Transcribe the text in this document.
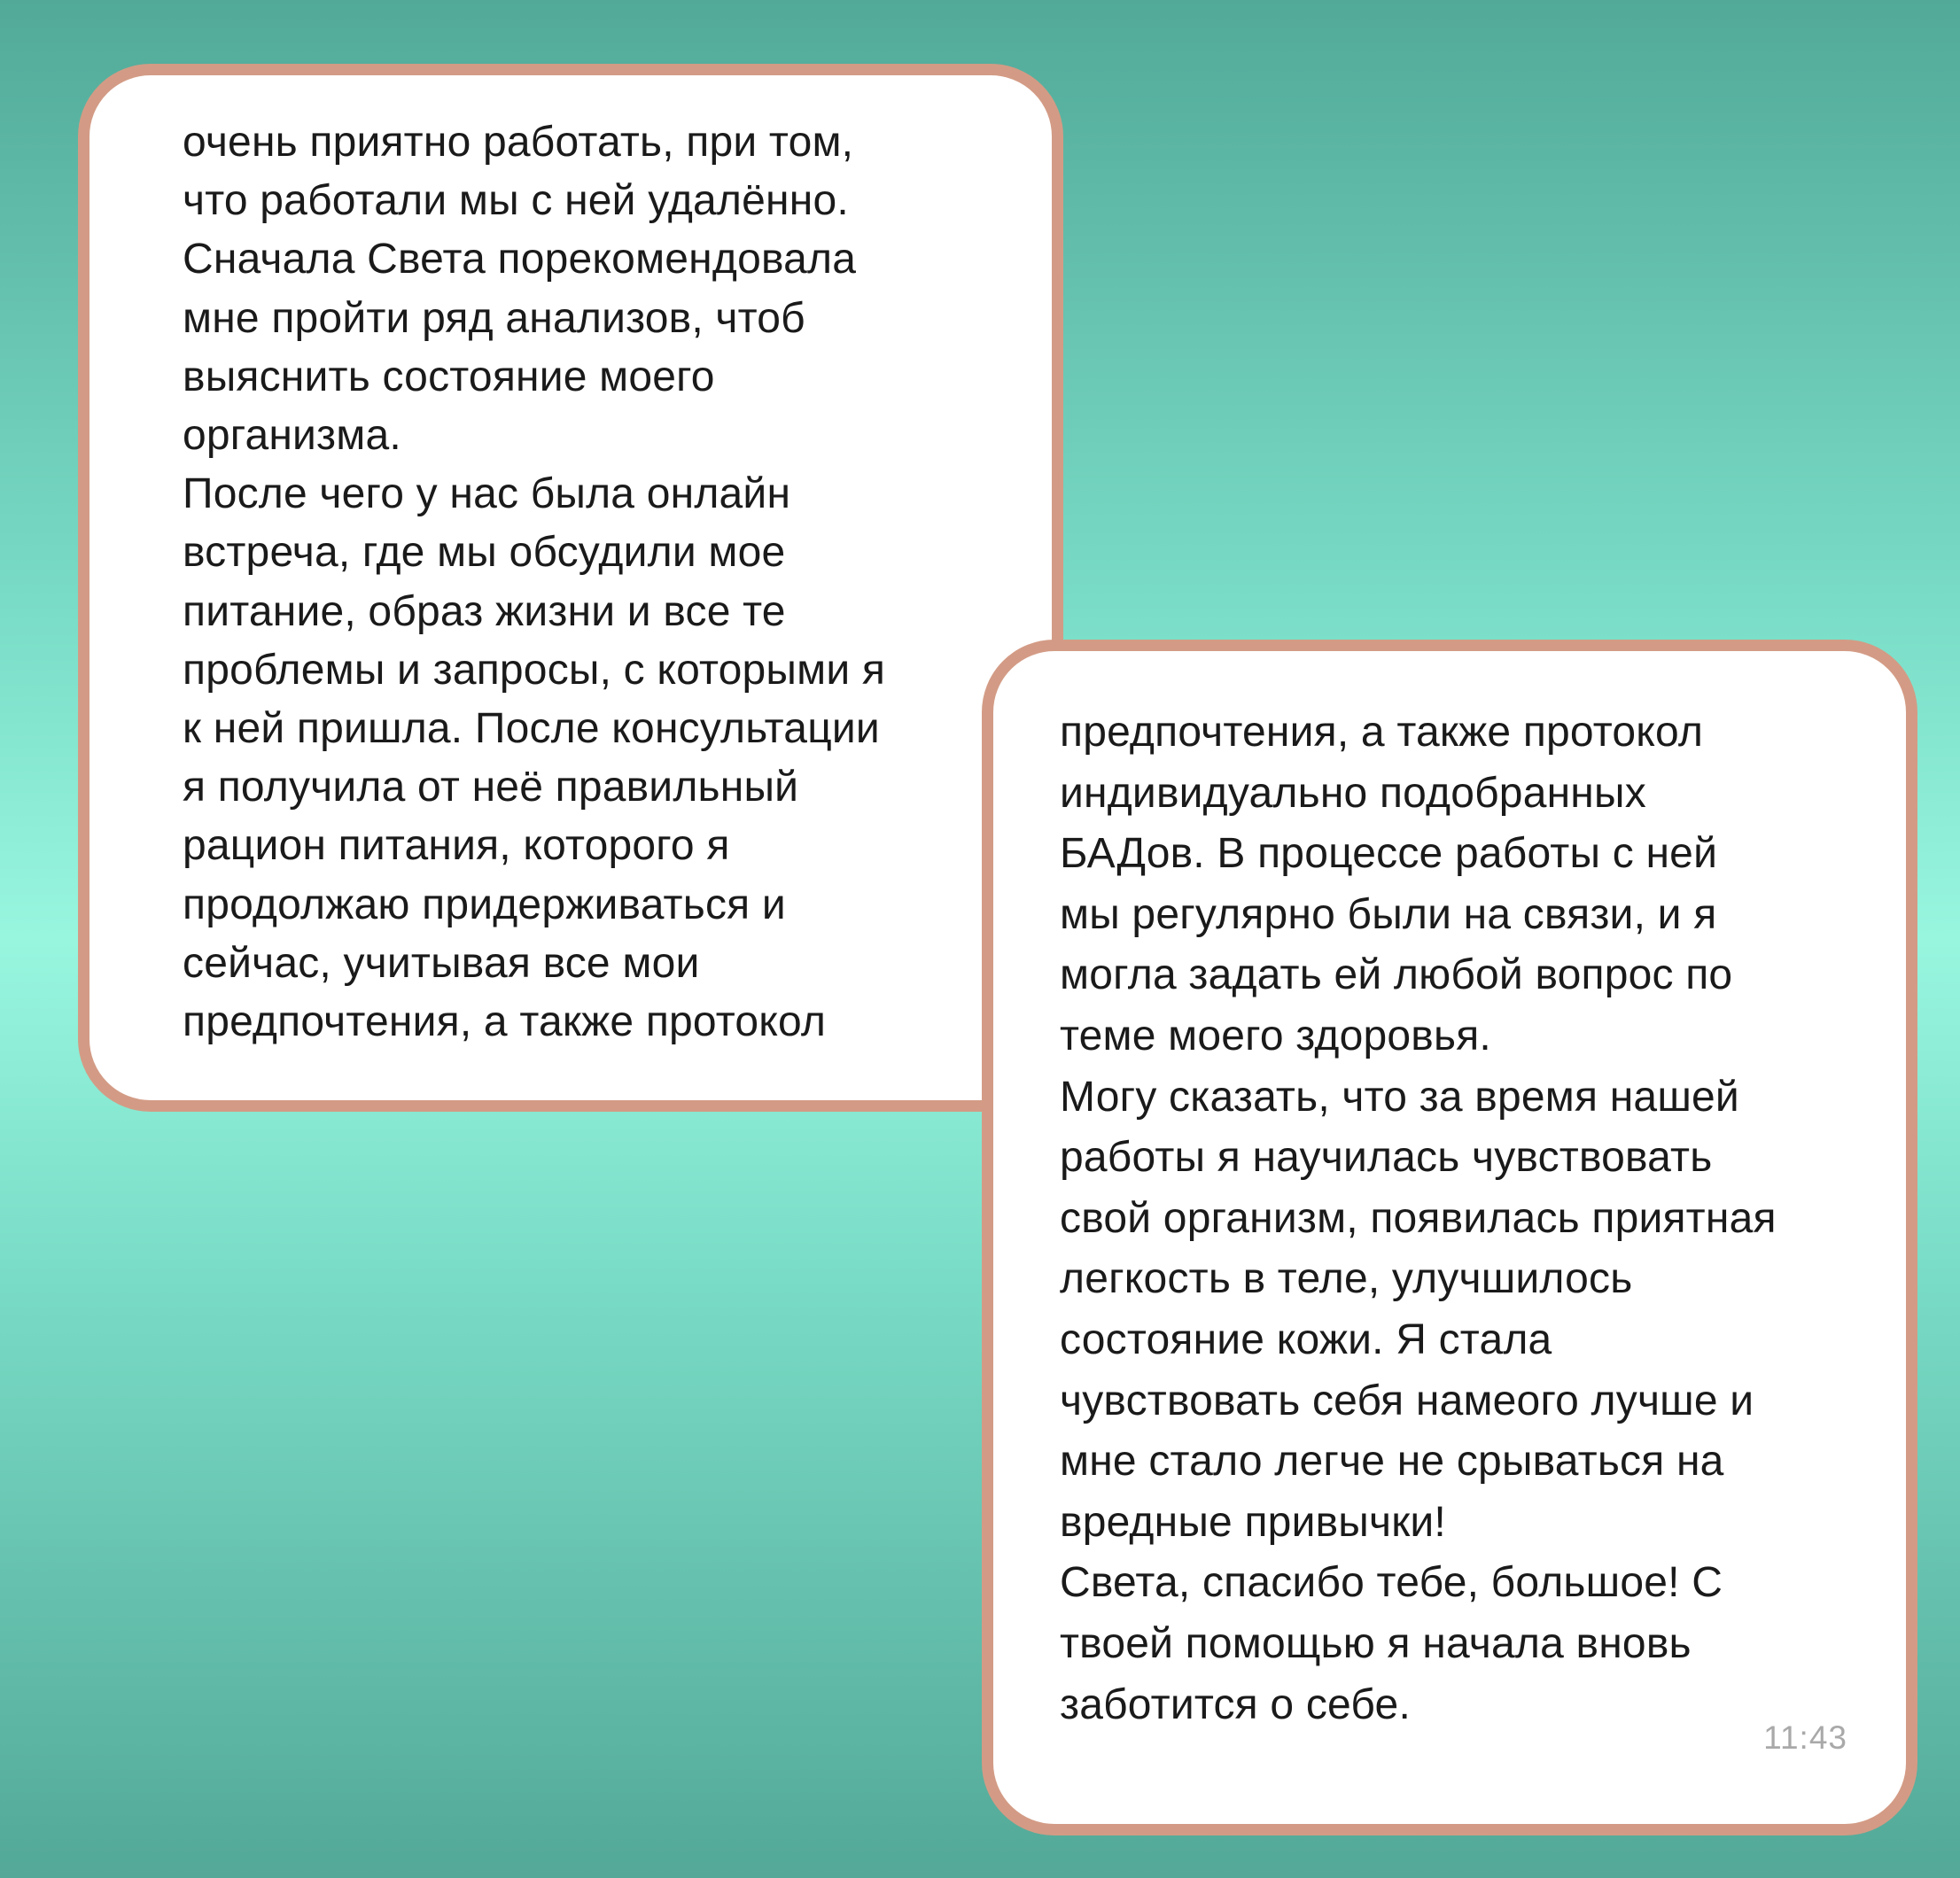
очень приятно работать, при том,
что работали мы с ней удалённо.
Сначала Света порекомендовала
мне пройти ряд анализов, чтоб
выяснить состояние моего
организма.
После чего у нас была онлайн
встреча, где мы обсудили мое
питание, образ жизни и все те
проблемы и запросы, с которыми я
к ней пришла. После консультации
я получила от неё правильный
рацион питания, которого я
продолжаю придерживаться и
сейчас, учитывая все мои
предпочтения, а также протокол
предпочтения, а также протокол
индивидуально подобранных
БАДов. В процессе работы с ней
мы регулярно были на связи, и я
могла задать ей любой вопрос по
теме моего здоровья.
Могу сказать, что за время нашей
работы я научилась чувствовать
свой организм, появилась приятная
легкость в теле, улучшилось
состояние кожи. Я стала
чувствовать себя намеого лучше и
мне стало легче не срываться на
вредные привычки!
Света, спасибо тебе, большое! С
твоей помощью я начала вновь
заботится о себе.
11:43
